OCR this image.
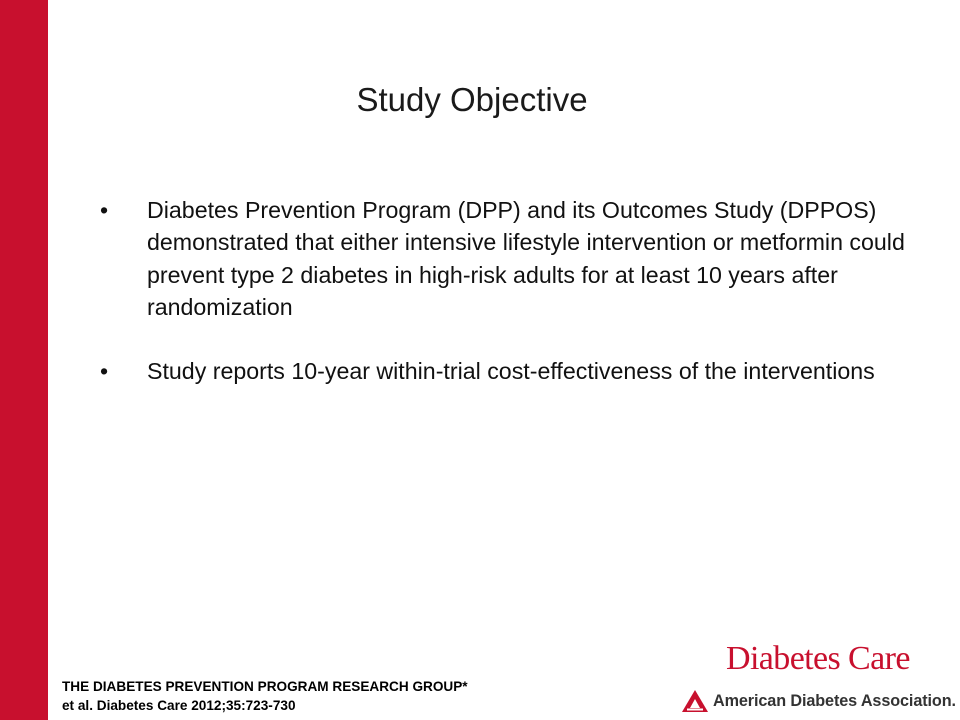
Study Objective
•	Diabetes Prevention Program (DPP) and its Outcomes Study (DPPOS) demonstrated that either intensive lifestyle intervention or metformin could prevent type 2 diabetes in high-risk adults for at least 10 years after randomization
•	Study reports 10-year within-trial cost-effectiveness of the interventions
THE DIABETES PREVENTION PROGRAM RESEARCH GROUP*
et al. Diabetes Care 2012;35:723-730
Diabetes Care
American Diabetes Association.
